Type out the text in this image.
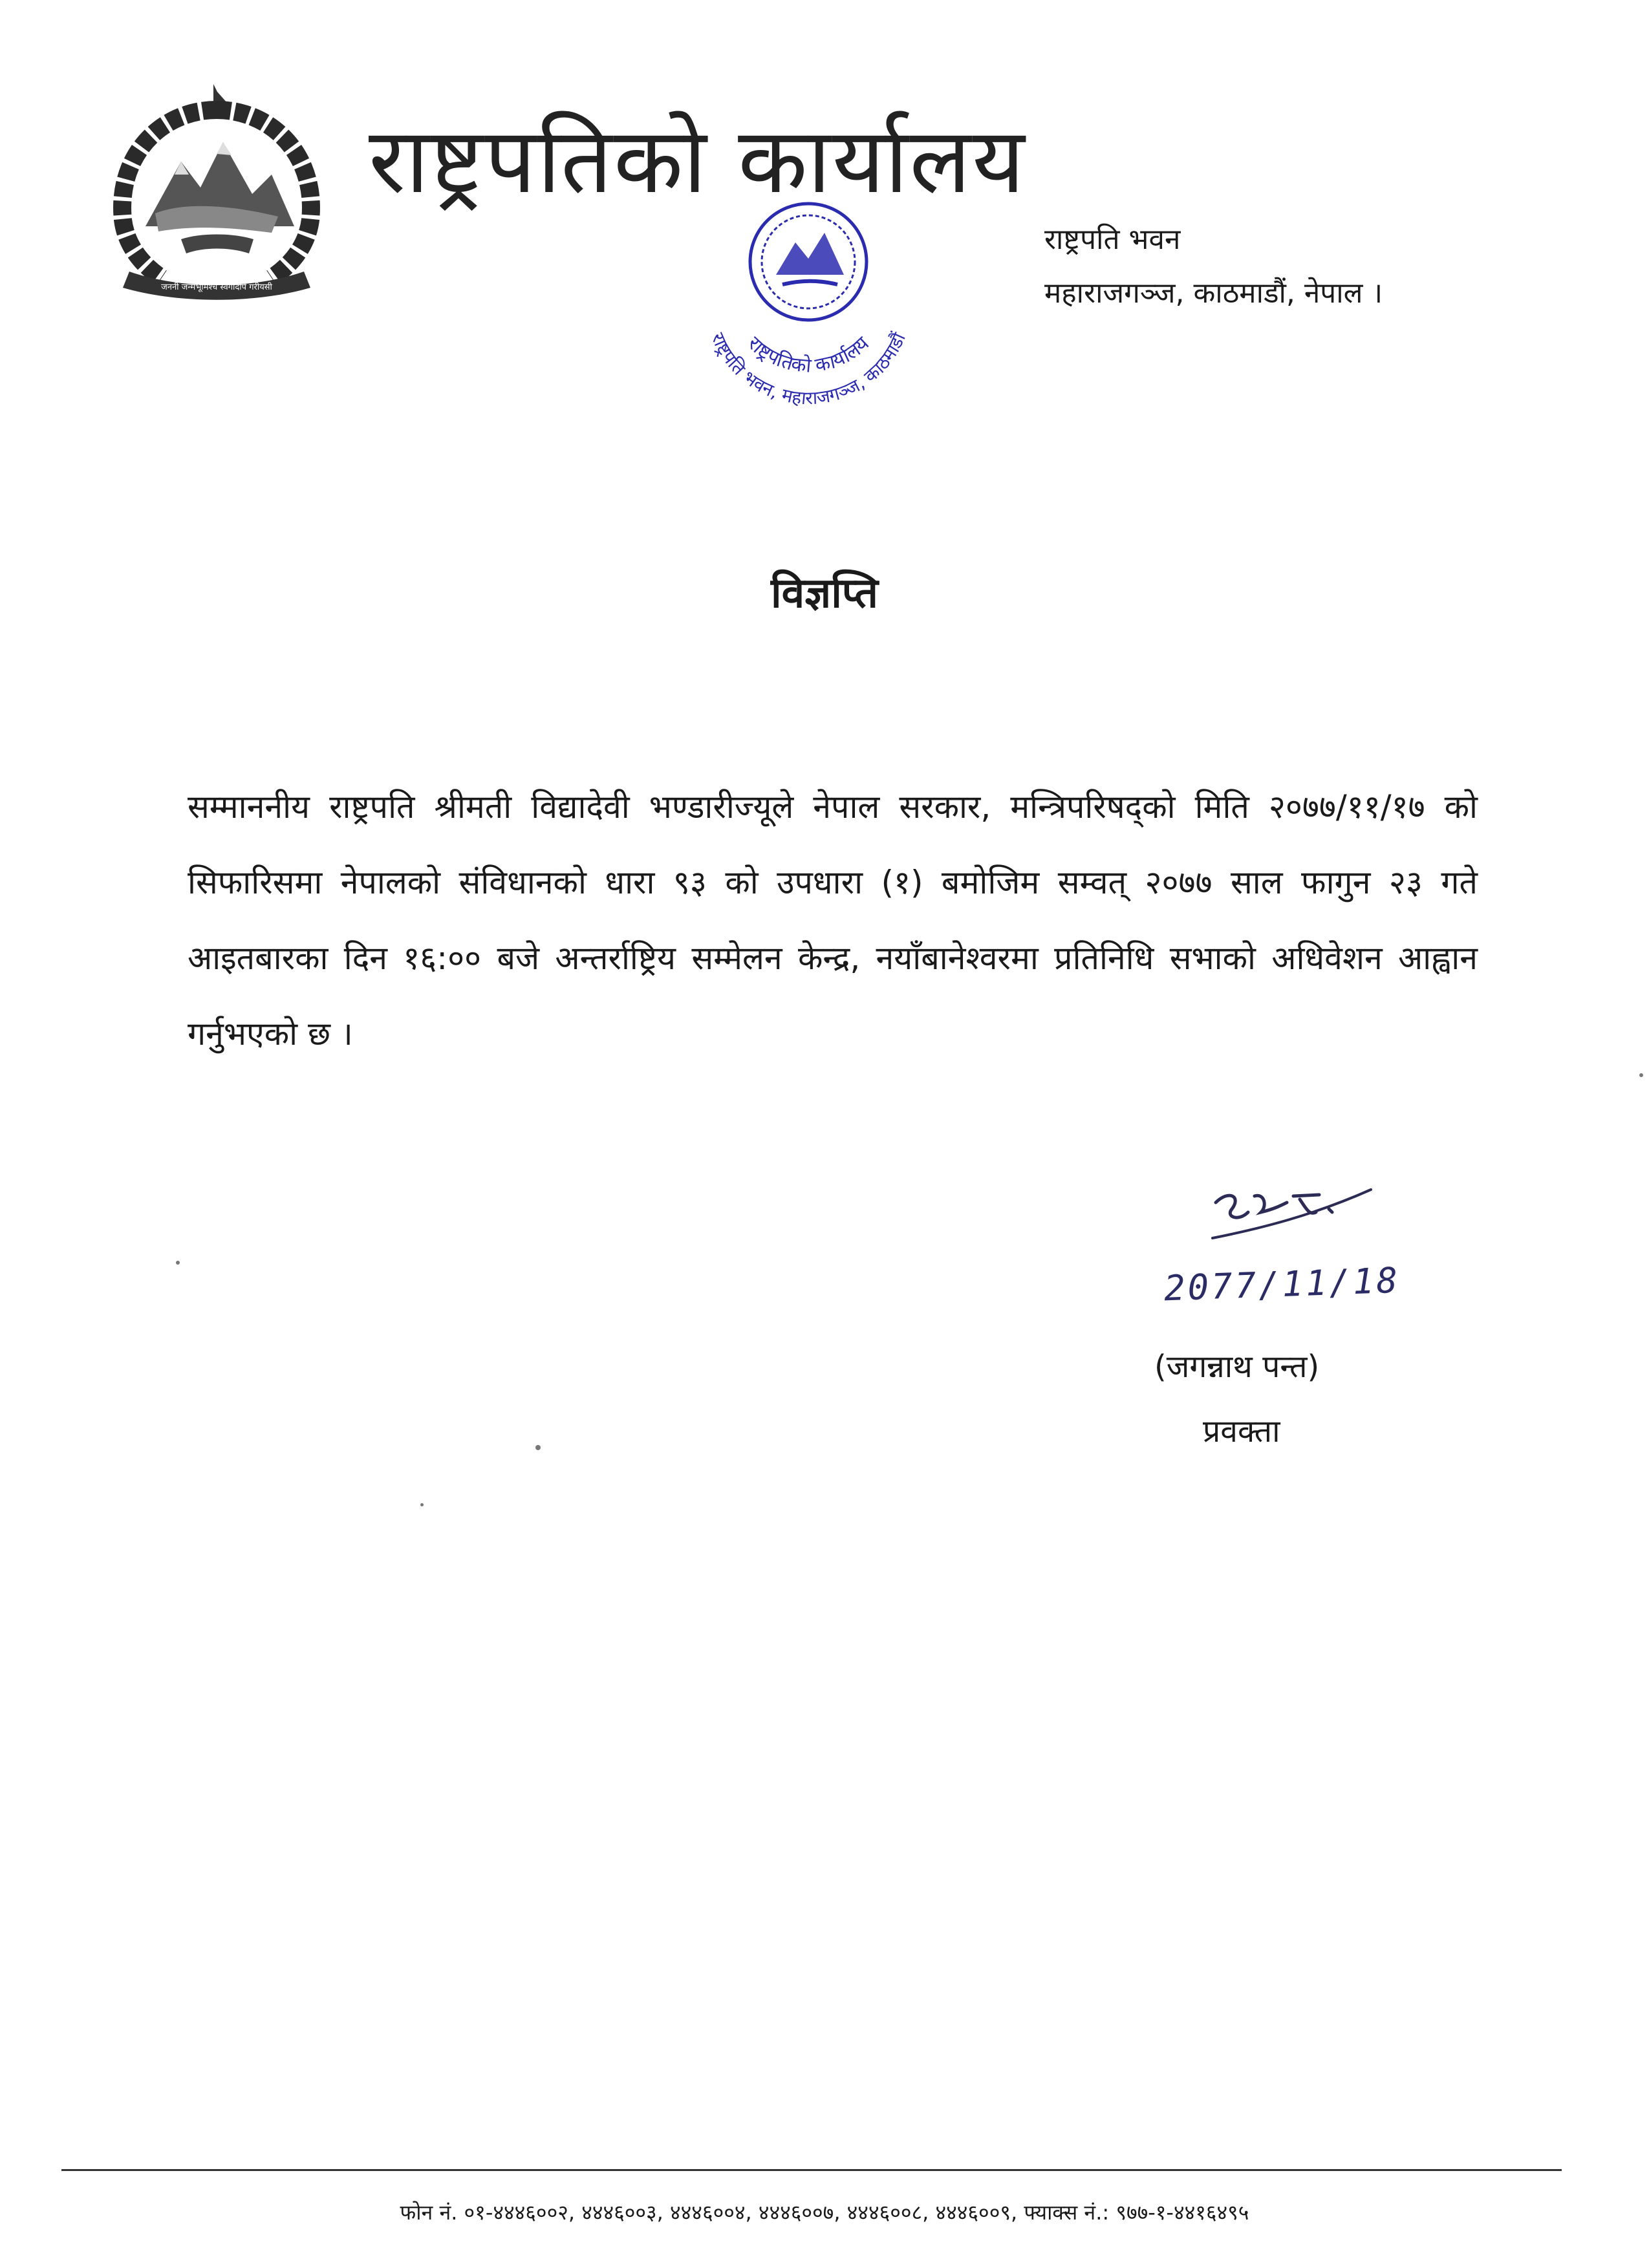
जननी जन्मभूमिश्च स्वर्गादपि गरीयसी
राष्ट्रपतिको कार्यालय
राष्ट्रपति भवन
महाराजगञ्ज, काठमाडौं, नेपाल ।
राष्ट्रपतिको कार्यालय
राष्ट्रपति भवन, महाराजगञ्ज, काठमाडौं
विज्ञप्ति
सम्माननीय राष्ट्रपति श्रीमती विद्यादेवी भण्डारीज्यूले नेपाल सरकार, मन्त्रिपरिषद्को मिति २०७७/११/१७ को सिफारिसमा नेपालको संविधानको धारा ९३ को उपधारा (१) बमोजिम सम्वत् २०७७ साल फागुन २३ गते आइतबारका दिन १६:०० बजे अन्तर्राष्ट्रिय सम्मेलन केन्द्र, नयाँबानेश्वरमा प्रतिनिधि सभाको अधिवेशन आह्वान गर्नुभएको छ ।
2077/11/18
(जगन्नाथ पन्त)
प्रवक्ता
फोन नं. ०१-४४४६००२, ४४४६००३, ४४४६००४, ४४४६००७, ४४४६००८, ४४४६००९, फ्याक्स नं.: ९७७-१-४४१६४९५
